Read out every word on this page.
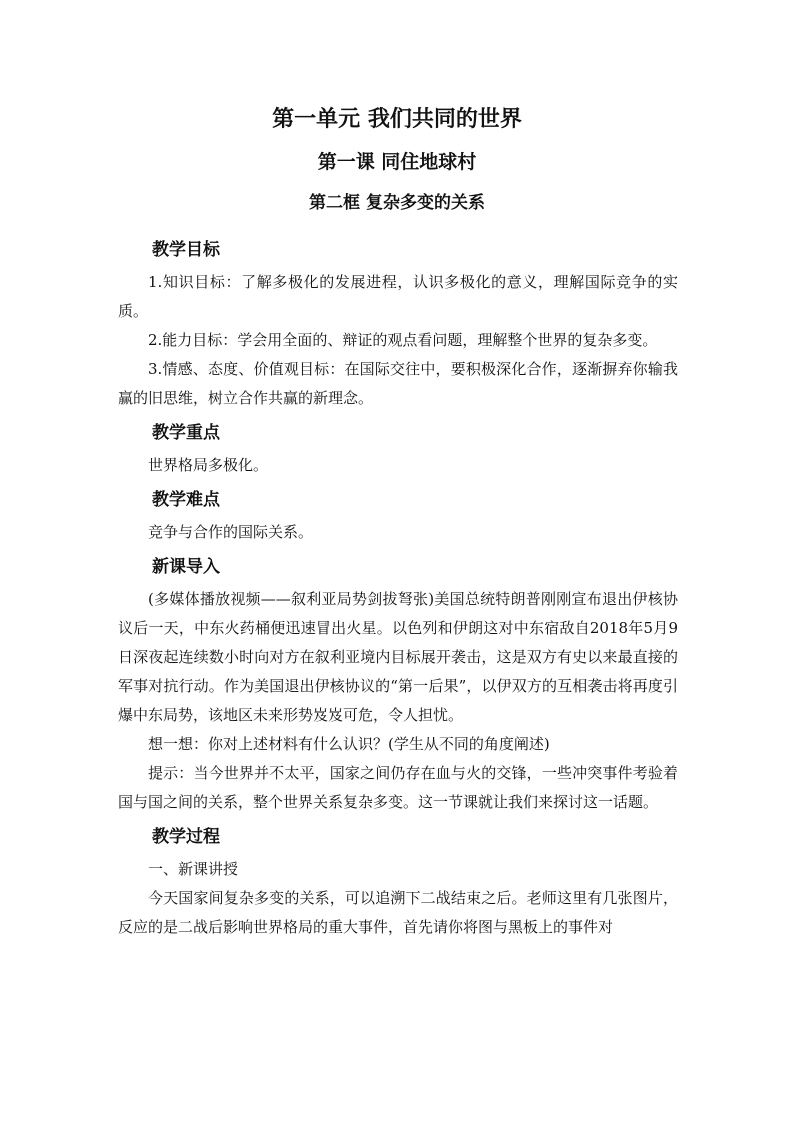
第一单元 我们共同的世界
第一课 同住地球村
第二框 复杂多变的关系
教学目标

1.知识目标：了解多极化的发展进程，认识多极化的意义，理解国际竞争的实质。

2.能力目标：学会用全面的、辩证的观点看问题，理解整个世界的复杂多变。

3.情感、态度、价值观目标：在国际交往中，要积极深化合作，逐渐摒弃你输我赢的旧思维，树立合作共赢的新理念。

教学重点

世界格局多极化。

教学难点

竞争与合作的国际关系。

新课导入

(多媒体播放视频——叙利亚局势剑拔弩张)美国总统特朗普刚刚宣布退出伊核协议后一天，中东火药桶便迅速冒出火星。以色列和伊朗这对中东宿敌自2018年5月9日深夜起连续数小时向对方在叙利亚境内目标展开袭击，这是双方有史以来最直接的军事对抗行动。作为美国退出伊核协议的“第一后果”，以伊双方的互相袭击将再度引爆中东局势，该地区未来形势岌岌可危，令人担忧。

想一想：你对上述材料有什么认识？(学生从不同的角度阐述)

提示：当今世界并不太平，国家之间仍存在血与火的交锋，一些冲突事件考验着国与国之间的关系，整个世界关系复杂多变。这一节课就让我们来探讨这一话题。

教学过程

一、新课讲授

今天国家间复杂多变的关系，可以追溯下二战结束之后。老师这里有几张图片，反应的是二战后影响世界格局的重大事件，首先请你将图与黑板上的事件对
